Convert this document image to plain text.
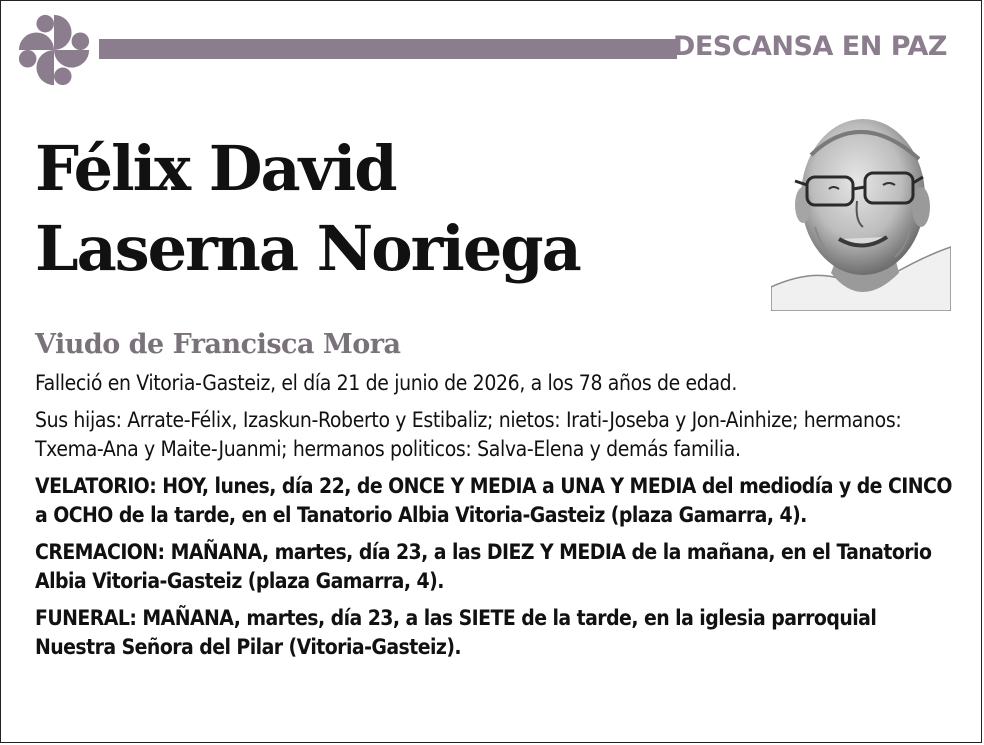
DESCANSA EN PAZ
Félix David
Laserna Noriega
Viudo de Francisca Mora

Falleció en Vitoria-Gasteiz, el día 21 de junio de 2026, a los 78 años de edad.

Sus hijas: Arrate-Félix, Izaskun-Roberto y Estibaliz; nietos: Irati-Joseba y Jon-Ainhize; hermanos: Txema-Ana y Maite-Juanmi; hermanos politicos: Salva-Elena y demás familia.

VELATORIO: HOY, lunes, día 22, de ONCE Y MEDIA a UNA Y MEDIA del mediodía y de CINCO a OCHO de la tarde, en el Tanatorio Albia Vitoria-Gasteiz (plaza Gamarra, 4).

CREMACION: MAÑANA, martes, día 23, a las DIEZ Y MEDIA de la mañana, en el Tanatorio Albia Vitoria-Gasteiz (plaza Gamarra, 4).

FUNERAL: MAÑANA, martes, día 23, a las SIETE de la tarde, en la iglesia parroquial Nuestra Señora del Pilar (Vitoria-Gasteiz).
